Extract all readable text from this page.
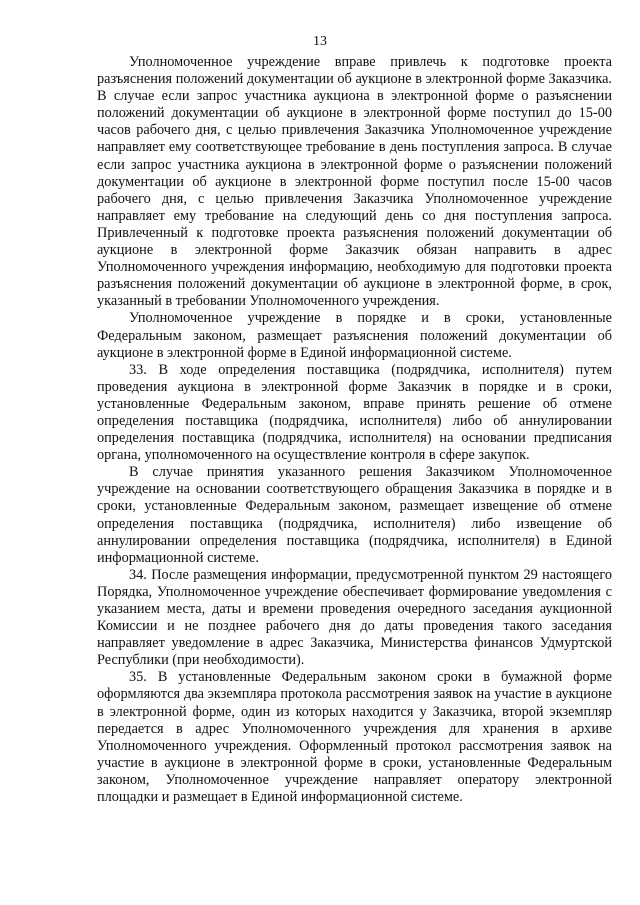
13

Уполномоченное учреждение вправе привлечь к подготовке проекта разъяснения положений документации об аукционе в электронной форме Заказчика. В случае если запрос участника аукциона в электронной форме о разъяснении положений документации об аукционе в электронной форме поступил до 15-00 часов рабочего дня, с целью привлечения Заказчика Уполномоченное учреждение направляет ему соответствующее требование в день поступления запроса. В случае если запрос участника аукциона в электронной форме о разъяснении положений документации об аукционе в электронной форме поступил после 15-00 часов рабочего дня, с целью привлечения Заказчика Уполномоченное учреждение направляет ему требование на следующий день со дня поступления запроса. Привлеченный к подготовке проекта разъяснения положений документации об аукционе в электронной форме Заказчик обязан направить в адрес Уполномоченного учреждения информацию, необходимую для подготовки проекта разъяснения положений документации об аукционе в электронной форме, в срок, указанный в требовании Уполномоченного учреждения.

Уполномоченное учреждение в порядке и в сроки, установленные Федеральным законом, размещает разъяснения положений документации об аукционе в электронной форме в Единой информационной системе.

33. В ходе определения поставщика (подрядчика, исполнителя) путем проведения аукциона в электронной форме Заказчик в порядке и в сроки, установленные Федеральным законом, вправе принять решение об отмене определения поставщика (подрядчика, исполнителя) либо об аннулировании определения поставщика (подрядчика, исполнителя) на основании предписания органа, уполномоченного на осуществление контроля в сфере закупок.

В случае принятия указанного решения Заказчиком Уполномоченное учреждение на основании соответствующего обращения Заказчика в порядке и в сроки, установленные Федеральным законом, размещает извещение об отмене определения поставщика (подрядчика, исполнителя) либо извещение об аннулировании определения поставщика (подрядчика, исполнителя) в Единой информационной системе.

34. После размещения информации, предусмотренной пунктом 29 настоящего Порядка, Уполномоченное учреждение обеспечивает формирование уведомления с указанием места, даты и времени проведения очередного заседания аукционной Комиссии и не позднее рабочего дня до даты проведения такого заседания направляет уведомление в адрес Заказчика, Министерства финансов Удмуртской Республики (при необходимости).

35. В установленные Федеральным законом сроки в бумажной форме оформляются два экземпляра протокола рассмотрения заявок на участие в аукционе в электронной форме, один из которых находится у Заказчика, второй экземпляр передается в адрес Уполномоченного учреждения для хранения в архиве Уполномоченного учреждения. Оформленный протокол рассмотрения заявок на участие в аукционе в электронной форме в сроки, установленные Федеральным законом, Уполномоченное учреждение направляет оператору электронной площадки и размещает в Единой информационной системе.
